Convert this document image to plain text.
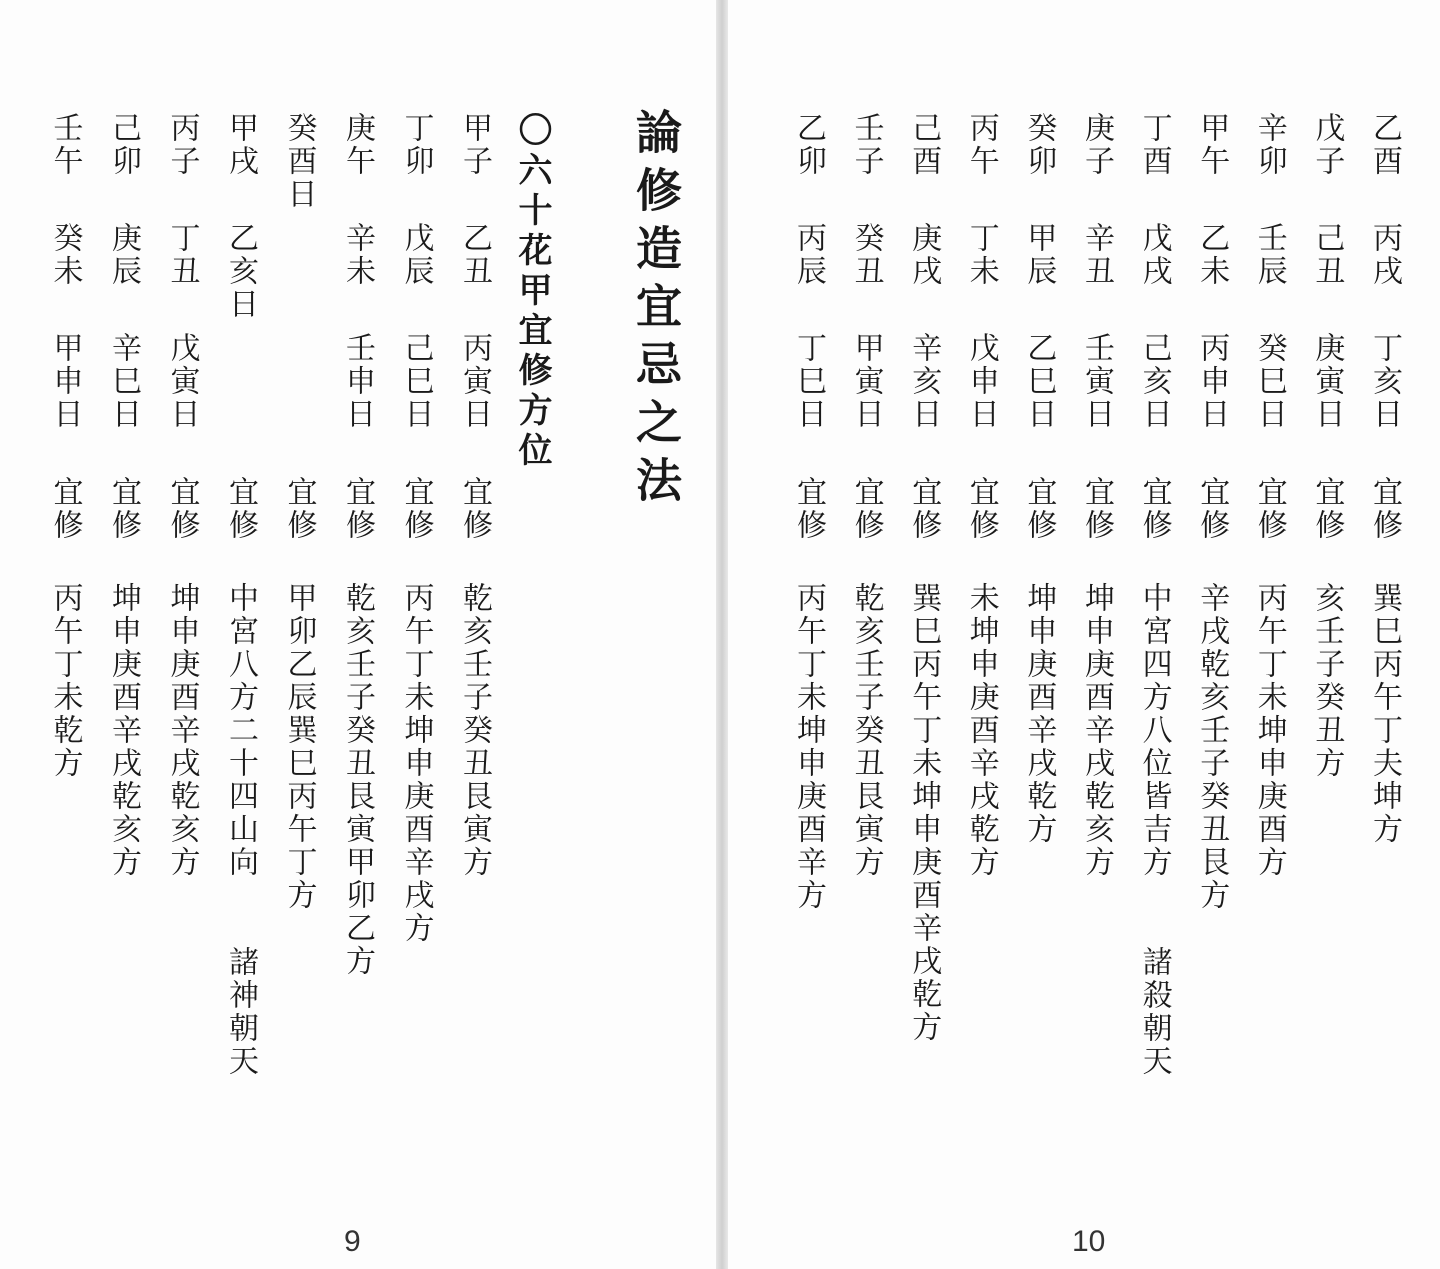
論修造宜忌之法
〇六十花甲宜修方位
甲子
乙丑
丙寅日
宜修
乾亥壬子癸丑艮寅方
丁卯
戊辰
己巳日
宜修
丙午丁未坤申庚酉辛戌方
庚午
辛未
壬申日
宜修
乾亥壬子癸丑艮寅甲卯乙方
癸酉日
宜修
甲卯乙辰巽巳丙午丁方
甲戌
乙亥日
宜修
中宮八方二十四山向
諸神朝天
丙子
丁丑
戊寅日
宜修
坤申庚酉辛戌乾亥方
己卯
庚辰
辛巳日
宜修
坤申庚酉辛戌乾亥方
壬午
癸未
甲申日
宜修
丙午丁未乾方
9
乙酉
丙戌
丁亥日
宜修
巽巳丙午丁夫坤方
戊子
己丑
庚寅日
宜修
亥壬子癸丑方
辛卯
壬辰
癸巳日
宜修
丙午丁未坤申庚酉方
甲午
乙未
丙申日
宜修
辛戌乾亥壬子癸丑艮方
丁酉
戊戌
己亥日
宜修
中宮四方八位皆吉方
諸殺朝天
庚子
辛丑
壬寅日
宜修
坤申庚酉辛戌乾亥方
癸卯
甲辰
乙巳日
宜修
坤申庚酉辛戌乾方
丙午
丁未
戊申日
宜修
未坤申庚酉辛戌乾方
己酉
庚戌
辛亥日
宜修
巽巳丙午丁未坤申庚酉辛戌乾方
壬子
癸丑
甲寅日
宜修
乾亥壬子癸丑艮寅方
乙卯
丙辰
丁巳日
宜修
丙午丁未坤申庚酉辛方
10
